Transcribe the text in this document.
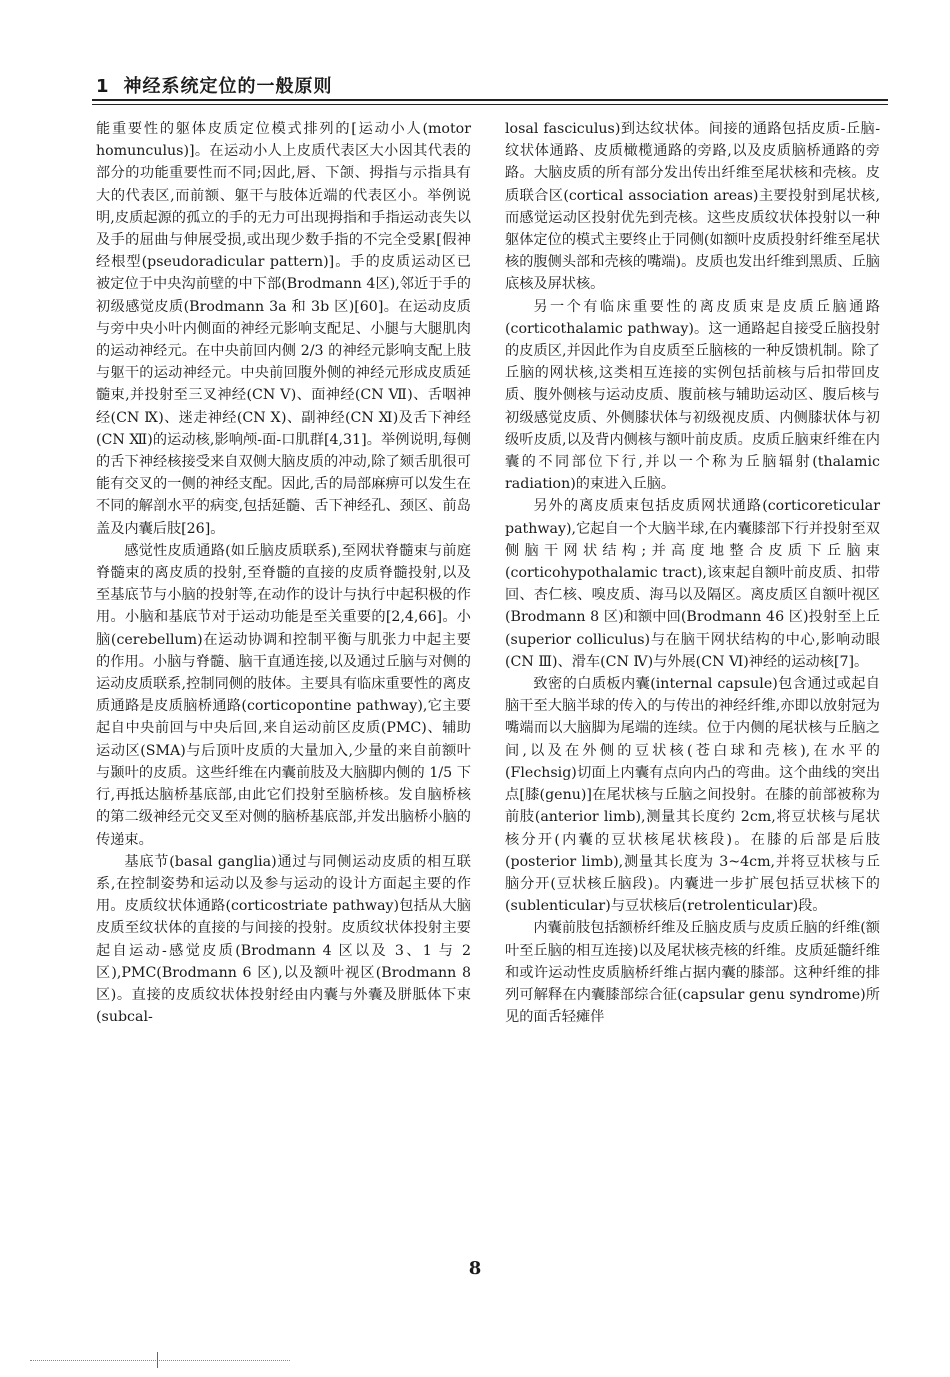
1 神经系统定位的一般原则

能重要性的躯体皮质定位模式排列的[运动小人(motor homunculus)]。在运动小人上皮质代表区大小因其代表的部分的功能重要性而不同;因此,唇、下颌、拇指与示指具有大的代表区,而前额、躯干与肢体近端的代表区小。举例说明,皮质起源的孤立的手的无力可出现拇指和手指运动丧失以及手的屈曲与伸展受损,或出现少数手指的不完全受累[假神经根型(pseudoradicular pattern)]。手的皮质运动区已被定位于中央沟前壁的中下部(Brodmann 4区),邻近于手的初级感觉皮质(Brodmann 3a 和 3b 区)[60]。在运动皮质与旁中央小叶内侧面的神经元影响支配足、小腿与大腿肌肉的运动神经元。在中央前回内侧 2/3 的神经元影响支配上肢与躯干的运动神经元。中央前回腹外侧的神经元形成皮质延髓束,并投射至三叉神经(CN Ⅴ)、面神经(CN Ⅶ)、舌咽神经(CN Ⅸ)、迷走神经(CN Ⅹ)、副神经(CN Ⅺ)及舌下神经(CN Ⅻ)的运动核,影响颅-面-口肌群[4,31]。举例说明,每侧的舌下神经核接受来自双侧大脑皮质的冲动,除了颏舌肌很可能有交叉的一侧的神经支配。因此,舌的局部麻痹可以发生在不同的解剖水平的病变,包括延髓、舌下神经孔、颈区、前岛盖及内囊后肢[26]。

感觉性皮质通路(如丘脑皮质联系),至网状脊髓束与前庭脊髓束的离皮质的投射,至脊髓的直接的皮质脊髓投射,以及至基底节与小脑的投射等,在动作的设计与执行中起积极的作用。小脑和基底节对于运动功能是至关重要的[2,4,66]。小脑(cerebellum)在运动协调和控制平衡与肌张力中起主要的作用。小脑与脊髓、脑干直通连接,以及通过丘脑与对侧的运动皮质联系,控制同侧的肢体。主要具有临床重要性的离皮质通路是皮质脑桥通路(corticopontine pathway),它主要起自中央前回与中央后回,来自运动前区皮质(PMC)、辅助运动区(SMA)与后顶叶皮质的大量加入,少量的来自前额叶与颞叶的皮质。这些纤维在内囊前肢及大脑脚内侧的 1/5 下行,再抵达脑桥基底部,由此它们投射至脑桥核。发自脑桥核的第二级神经元交叉至对侧的脑桥基底部,并发出脑桥小脑的传递束。

基底节(basal ganglia)通过与同侧运动皮质的相互联系,在控制姿势和运动以及参与运动的设计方面起主要的作用。皮质纹状体通路(corticostriate pathway)包括从大脑皮质至纹状体的直接的与间接的投射。皮质纹状体投射主要起自运动-感觉皮质(Brodmann 4 区以及 3、1 与 2 区),PMC(Brodmann 6 区),以及额叶视区(Brodmann 8 区)。直接的皮质纹状体投射经由内囊与外囊及胼胝体下束(subcal-

losal fasciculus)到达纹状体。间接的通路包括皮质-丘脑-纹状体通路、皮质橄榄通路的旁路,以及皮质脑桥通路的旁路。大脑皮质的所有部分发出传出纤维至尾状核和壳核。皮质联合区(cortical association areas)主要投射到尾状核,而感觉运动区投射优先到壳核。这些皮质纹状体投射以一种躯体定位的模式主要终止于同侧(如额叶皮质投射纤维至尾状核的腹侧头部和壳核的嘴端)。皮质也发出纤维到黑质、丘脑底核及屏状核。

另一个有临床重要性的离皮质束是皮质丘脑通路(corticothalamic pathway)。这一通路起自接受丘脑投射的皮质区,并因此作为自皮质至丘脑核的一种反馈机制。除了丘脑的网状核,这类相互连接的实例包括前核与后扣带回皮质、腹外侧核与运动皮质、腹前核与辅助运动区、腹后核与初级感觉皮质、外侧膝状体与初级视皮质、内侧膝状体与初级听皮质,以及背内侧核与额叶前皮质。皮质丘脑束纤维在内囊的不同部位下行,并以一个称为丘脑辐射(thalamic radiation)的束进入丘脑。

另外的离皮质束包括皮质网状通路(corticoreticular pathway),它起自一个大脑半球,在内囊膝部下行并投射至双侧脑干网状结构;并高度地整合皮质下丘脑束(corticohypothalamic tract),该束起自额叶前皮质、扣带回、杏仁核、嗅皮质、海马以及隔区。离皮质区自额叶视区(Brodmann 8 区)和额中回(Brodmann 46 区)投射至上丘(superior colliculus)与在脑干网状结构的中心,影响动眼(CN Ⅲ)、滑车(CN Ⅳ)与外展(CN Ⅵ)神经的运动核[7]。

致密的白质板内囊(internal capsule)包含通过或起自脑干至大脑半球的传入的与传出的神经纤维,亦即以放射冠为嘴端而以大脑脚为尾端的连续。位于内侧的尾状核与丘脑之间,以及在外侧的豆状核(苍白球和壳核),在水平的(Flechsig)切面上内囊有点向内凸的弯曲。这个曲线的突出点[膝(genu)]在尾状核与丘脑之间投射。在膝的前部被称为前肢(anterior limb),测量其长度约 2cm,将豆状核与尾状核分开(内囊的豆状核尾状核段)。在膝的后部是后肢(posterior limb),测量其长度为 3~4cm,并将豆状核与丘脑分开(豆状核丘脑段)。内囊进一步扩展包括豆状核下的(sublenticular)与豆状核后(retrolenticular)段。

内囊前肢包括额桥纤维及丘脑皮质与皮质丘脑的纤维(额叶至丘脑的相互连接)以及尾状核壳核的纤维。皮质延髓纤维和或许运动性皮质脑桥纤维占据内囊的膝部。这种纤维的排列可解释在内囊膝部综合征(capsular genu syndrome)所见的面舌轻瘫伴

8
